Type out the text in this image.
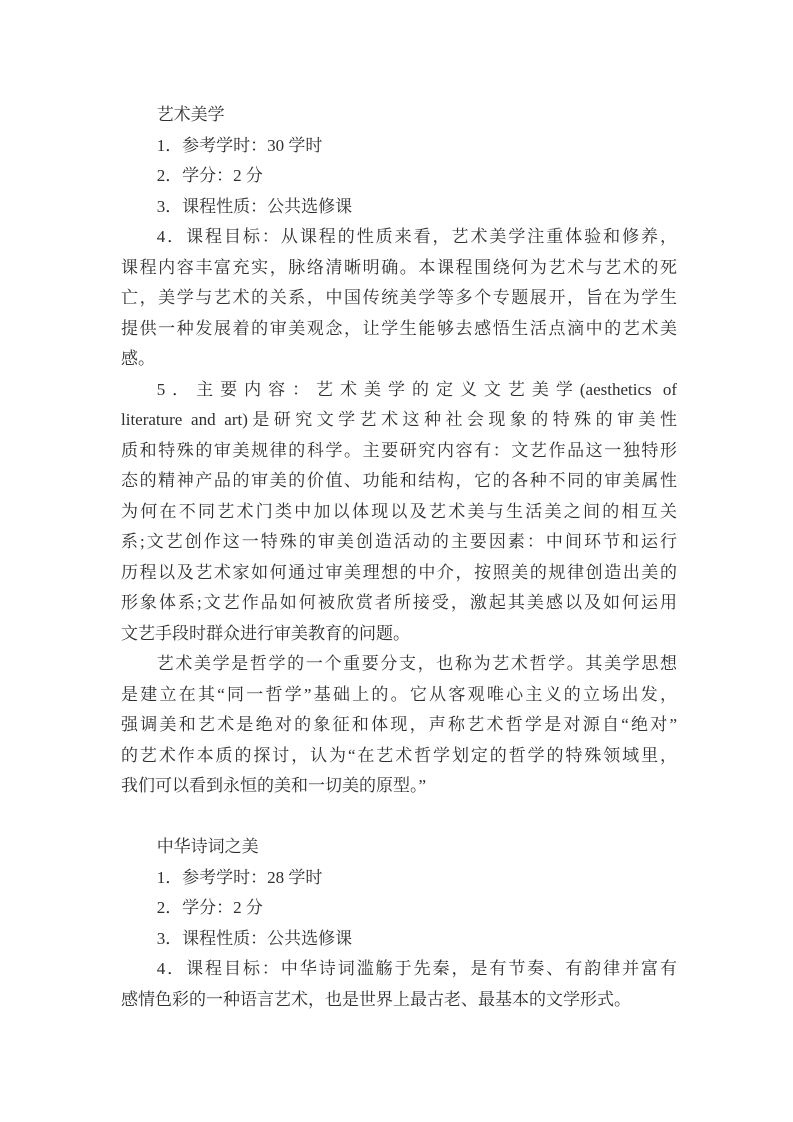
艺术美学
1．参考学时：30 学时
2．学分：2 分
3．课程性质：公共选修课
4．课程目标：从课程的性质来看，艺术美学注重体验和修养，
课程内容丰富充实，脉络清晰明确。本课程围绕何为艺术与艺术的死
亡，美学与艺术的关系，中国传统美学等多个专题展开，旨在为学生
提供一种发展着的审美观念，让学生能够去感悟生活点滴中的艺术美
感。
5．主要内容：艺术美学的定义文艺美学(aesthetics of
literature and art)是研究文学艺术这种社会现象的特殊的审美性
质和特殊的审美规律的科学。主要研究内容有：文艺作品这一独特形
态的精神产品的审美的价值、功能和结构，它的各种不同的审美属性
为何在不同艺术门类中加以体现以及艺术美与生活美之间的相互关
系;文艺创作这一特殊的审美创造活动的主要因素：中间环节和运行
历程以及艺术家如何通过审美理想的中介，按照美的规律创造出美的
形象体系;文艺作品如何被欣赏者所接受，激起其美感以及如何运用
文艺手段时群众进行审美教育的问题。
艺术美学是哲学的一个重要分支，也称为艺术哲学。其美学思想
是建立在其“同一哲学”基础上的。它从客观唯心主义的立场出发，
强调美和艺术是绝对的象征和体现，声称艺术哲学是对源自“绝对”
的艺术作本质的探讨，认为“在艺术哲学划定的哲学的特殊领域里，
我们可以看到永恒的美和一切美的原型。”
中华诗词之美
1．参考学时：28 学时
2．学分：2 分
3．课程性质：公共选修课
4．课程目标：中华诗词滥觞于先秦，是有节奏、有韵律并富有
感情色彩的一种语言艺术，也是世界上最古老、最基本的文学形式。
